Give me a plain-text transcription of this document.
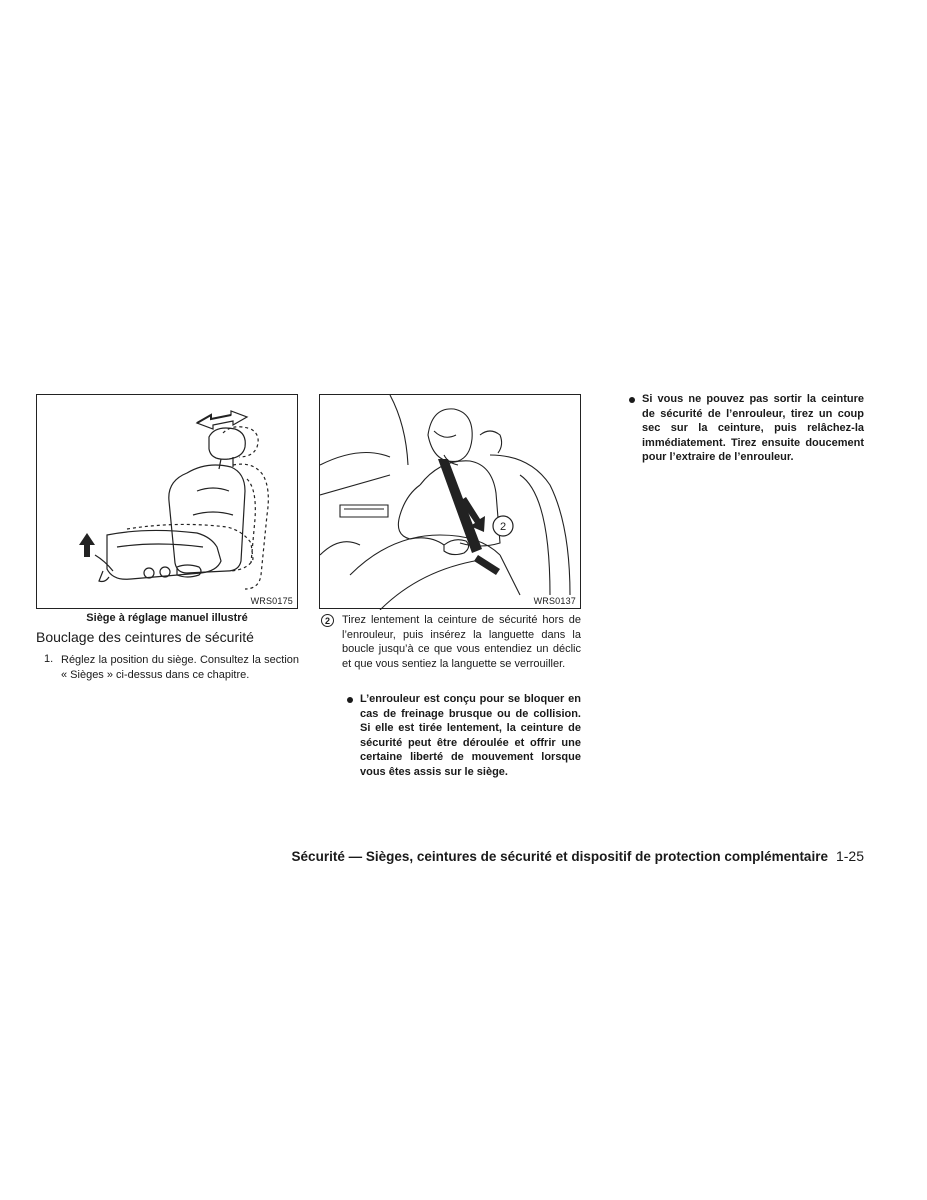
WRS0175
Siège à réglage manuel illustré
Bouclage des ceintures de sécurité
1. Réglez la position du siège. Consultez la section « Sièges » ci-dessus dans ce chapitre.
2
WRS0137
2	Tirez lentement la ceinture de sécurité hors de l’enrouleur, puis insérez la languette dans la boucle jusqu’à ce que vous entendiez un déclic et que vous sentiez la languette se verrouiller.
L’enrouleur est conçu pour se bloquer en cas de freinage brusque ou de collision. Si elle est tirée lentement, la ceinture de sécurité peut être déroulée et offrir une certaine liberté de mouvement lorsque vous êtes assis sur le siège.
Si vous ne pouvez pas sortir la ceinture de sécurité de l’enrouleur, tirez un coup sec sur la ceinture, puis relâchez-la immédiatement. Tirez ensuite doucement pour l’extraire de l’enrouleur.
Sécurité — Sièges, ceintures de sécurité et dispositif de protection complémentaire 1-25
